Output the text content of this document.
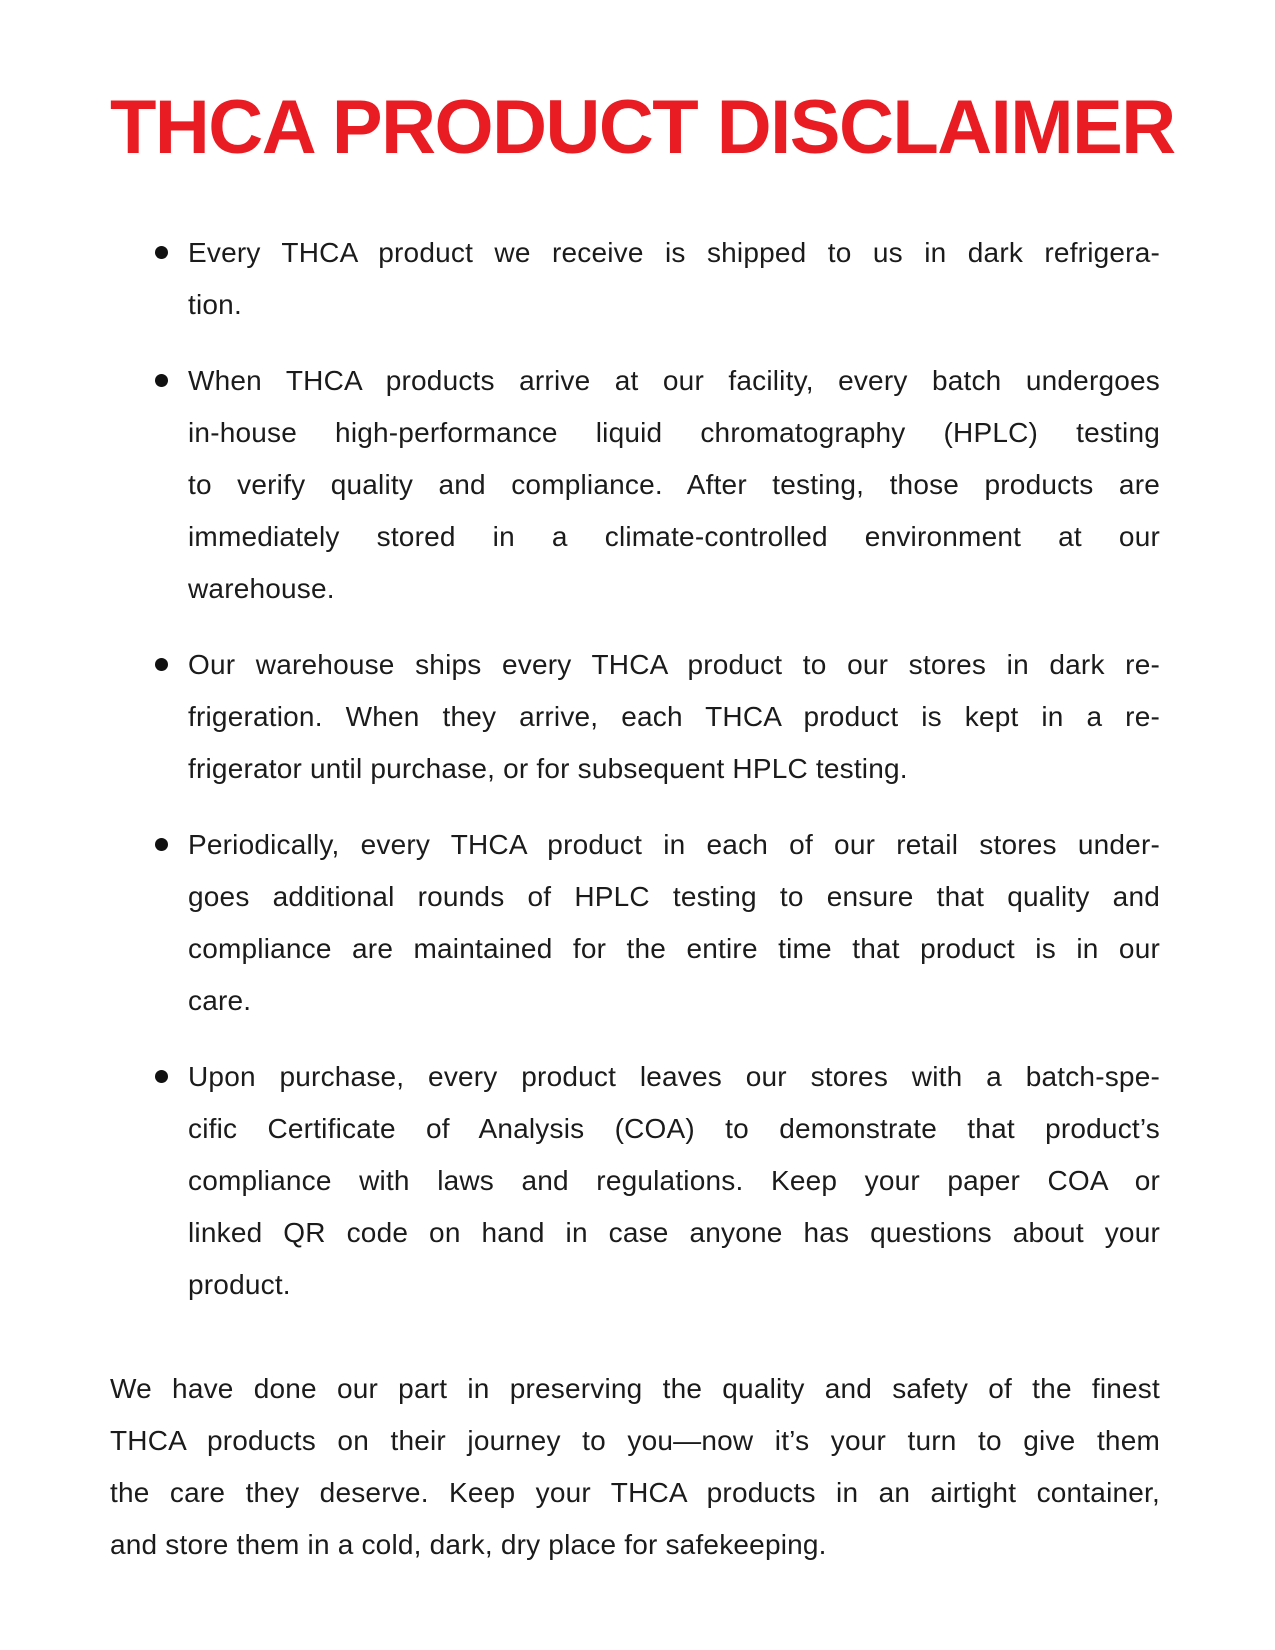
THCA PRODUCT DISCLAIMER
Every THCA product we receive is shipped to us in dark refrigera-
tion.
When THCA products arrive at our facility, every batch undergoes
in-house high-performance liquid chromatography (HPLC) testing
to verify quality and compliance. After testing, those products are
immediately stored in a climate-controlled environment at our
warehouse.
Our warehouse ships every THCA product to our stores in dark re-
frigeration. When they arrive, each THCA product is kept in a re-
frigerator until purchase, or for subsequent HPLC testing.
Periodically, every THCA product in each of our retail stores under-
goes additional rounds of HPLC testing to ensure that quality and
compliance are maintained for the entire time that product is in our
care.
Upon purchase, every product leaves our stores with a batch-spe-
cific Certificate of Analysis (COA) to demonstrate that product’s
compliance with laws and regulations. Keep your paper COA or
linked QR code on hand in case anyone has questions about your
product.
We have done our part in preserving the quality and safety of the finest
THCA products on their journey to you—now it’s your turn to give them
the care they deserve. Keep your THCA products in an airtight container,
and store them in a cold, dark, dry place for safekeeping.
